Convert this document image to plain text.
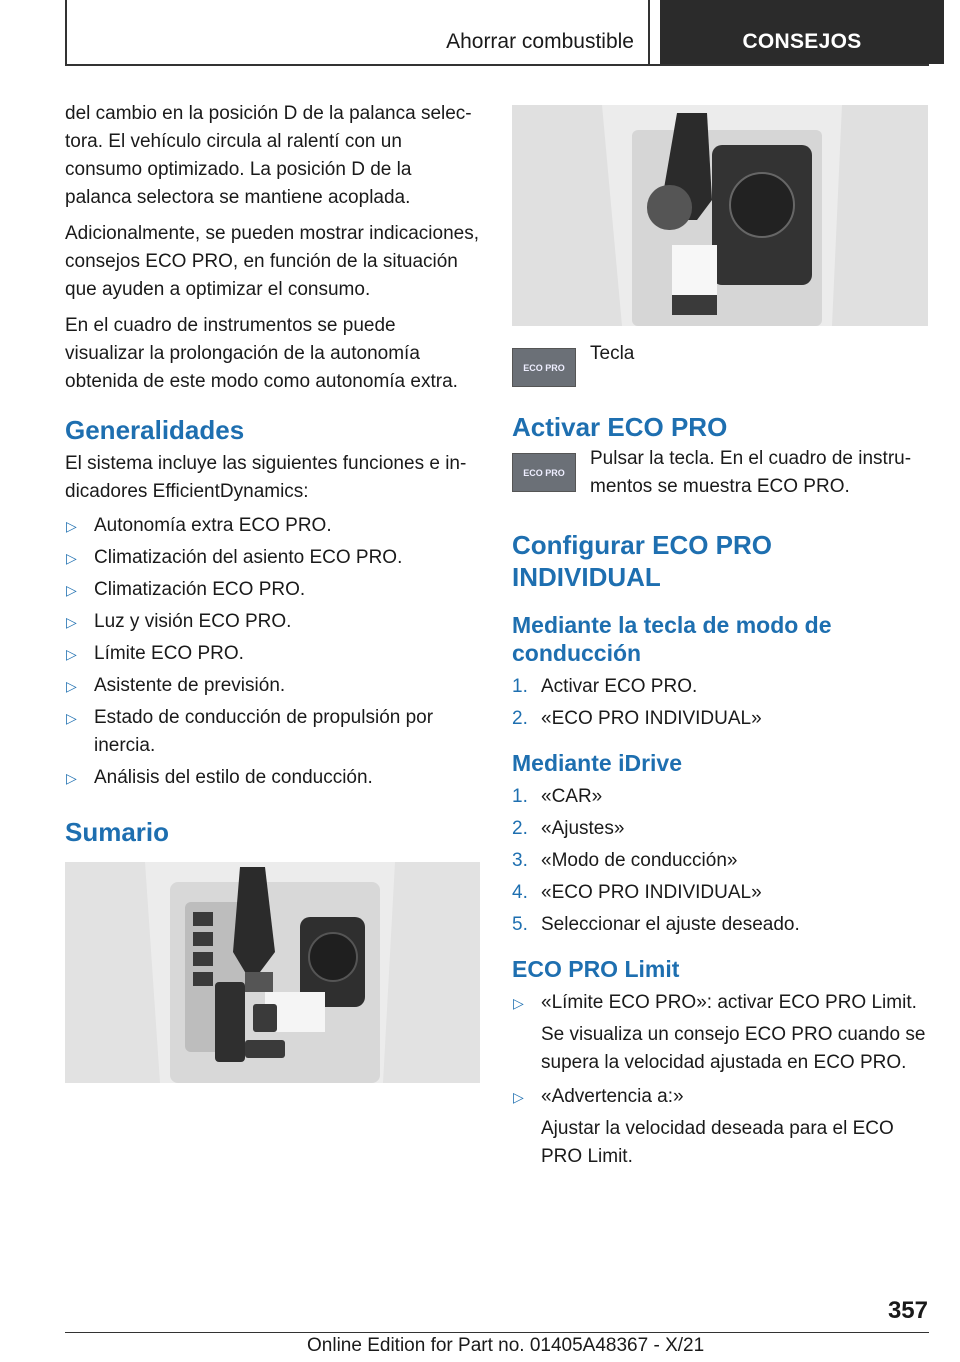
Ahorrar combustible	CONSEJOS

del cambio en la posición D de la palanca selec-tora. El vehículo circula al ralentí con un consumo optimizado. La posición D de la palanca selectora se mantiene acoplada.

Adicionalmente, se pueden mostrar indicaciones, consejos ECO PRO, en función de la situación que ayuden a optimizar el consumo.

En el cuadro de instrumentos se puede visualizar la prolongación de la autonomía obtenida de este modo como autonomía extra.

Generalidades

El sistema incluye las siguientes funciones e in-dicadores EfficientDynamics:

▷ Autonomía extra ECO PRO.
▷ Climatización del asiento ECO PRO.
▷ Climatización ECO PRO.
▷ Luz y visión ECO PRO.
▷ Límite ECO PRO.
▷ Asistente de previsión.
▷ Estado de conducción de propulsión por inercia.
▷ Análisis del estilo de conducción.
Sumario
ECO PRO
Tecla
Activar ECO PRO
ECO PRO
Pulsar la tecla. En el cuadro de instru-mentos se muestra ECO PRO.
Configurar ECO PRO INDIVIDUAL
Mediante la tecla de modo de conducción
1. Activar ECO PRO.
2. «ECO PRO INDIVIDUAL»
Mediante iDrive
1. «CAR»
2. «Ajustes»
3. «Modo de conducción»
4. «ECO PRO INDIVIDUAL»
5. Seleccionar el ajuste deseado.
ECO PRO Limit
▷ «Límite ECO PRO»: activar ECO PRO Limit.
Se visualiza un consejo ECO PRO cuando se supera la velocidad ajustada en ECO PRO.
▷ «Advertencia a:»
Ajustar la velocidad deseada para el ECO PRO Limit.
357
Online Edition for Part no. 01405A48367 - X/21
